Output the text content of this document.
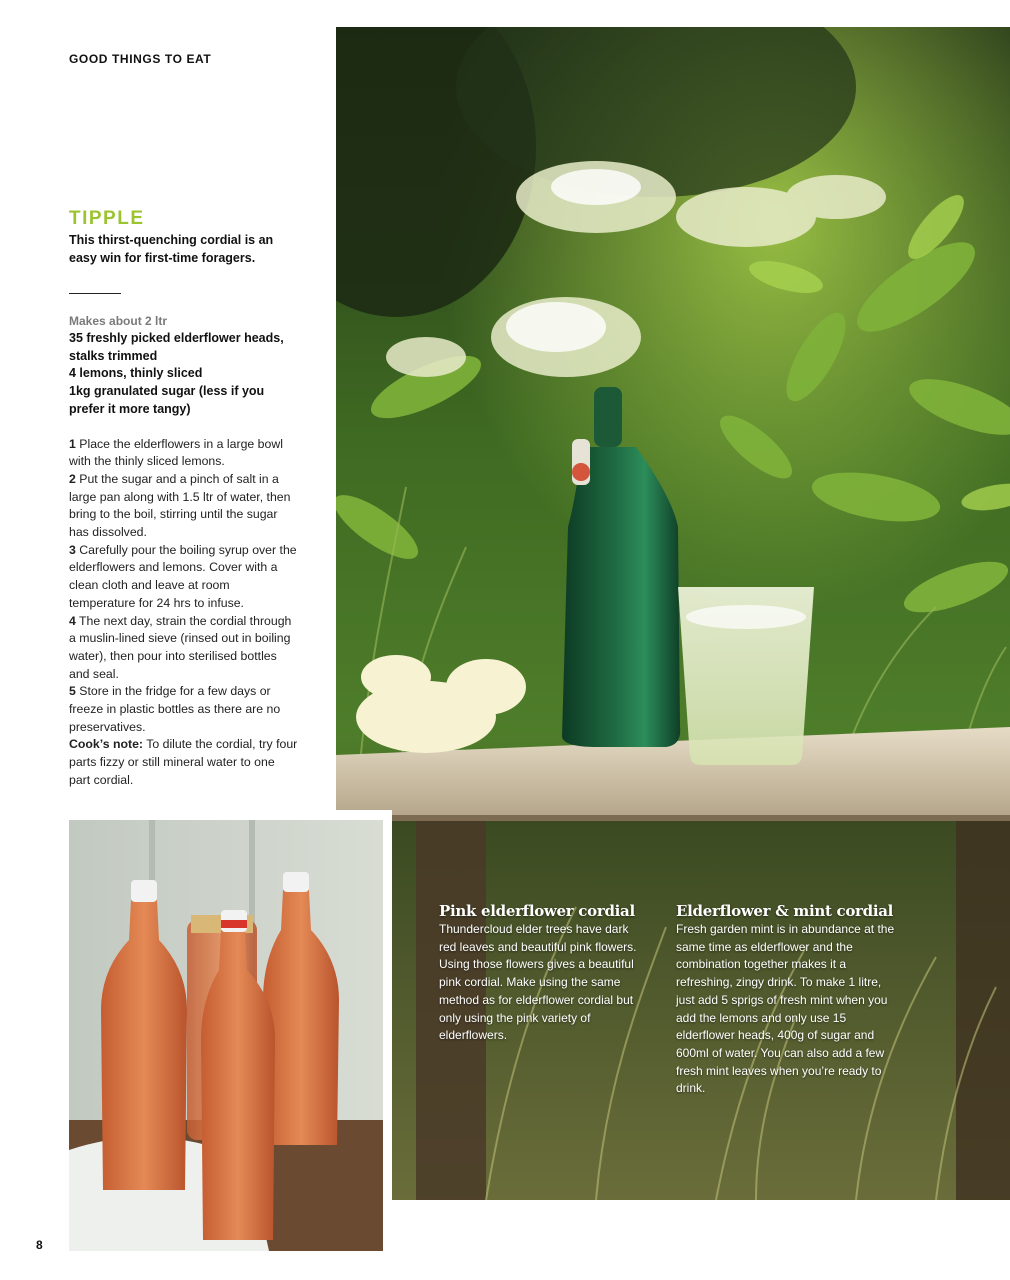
GOOD THINGS TO EAT
TIPPLE
This thirst-quenching cordial is an easy win for first-time foragers.
Makes about 2 ltr
35 freshly picked elderflower heads, stalks trimmed
4 lemons, thinly sliced
1kg granulated sugar (less if you prefer it more tangy)

1 Place the elderflowers in a large bowl with the thinly sliced lemons.

2 Put the sugar and a pinch of salt in a large pan along with 1.5 ltr of water, then bring to the boil, stirring until the sugar has dissolved.

3 Carefully pour the boiling syrup over the elderflowers and lemons. Cover with a clean cloth and leave at room temperature for 24 hrs to infuse.

4 The next day, strain the cordial through a muslin-lined sieve (rinsed out in boiling water), then pour into sterilised bottles and seal.

5 Store in the fridge for a few days or freeze in plastic bottles as there are no preservatives.

Cook’s note: To dilute the cordial, try four parts fizzy or still mineral water to one part cordial.

Pink elderflower cordial

Thundercloud elder trees have dark red leaves and beautiful pink flowers. Using those flowers gives a beautiful pink cordial. Make using the same method as for elderflower cordial but only using the pink variety of elderflowers.

Elderflower & mint cordial

Fresh garden mint is in abundance at the same time as elderflower and the combination together makes it a refreshing, zingy drink. To make 1 litre, just add 5 sprigs of fresh mint when you add the lemons and only use 15 elderflower heads, 400g of sugar and 600ml of water. You can also add a few fresh mint leaves when you’re ready to drink.

8
